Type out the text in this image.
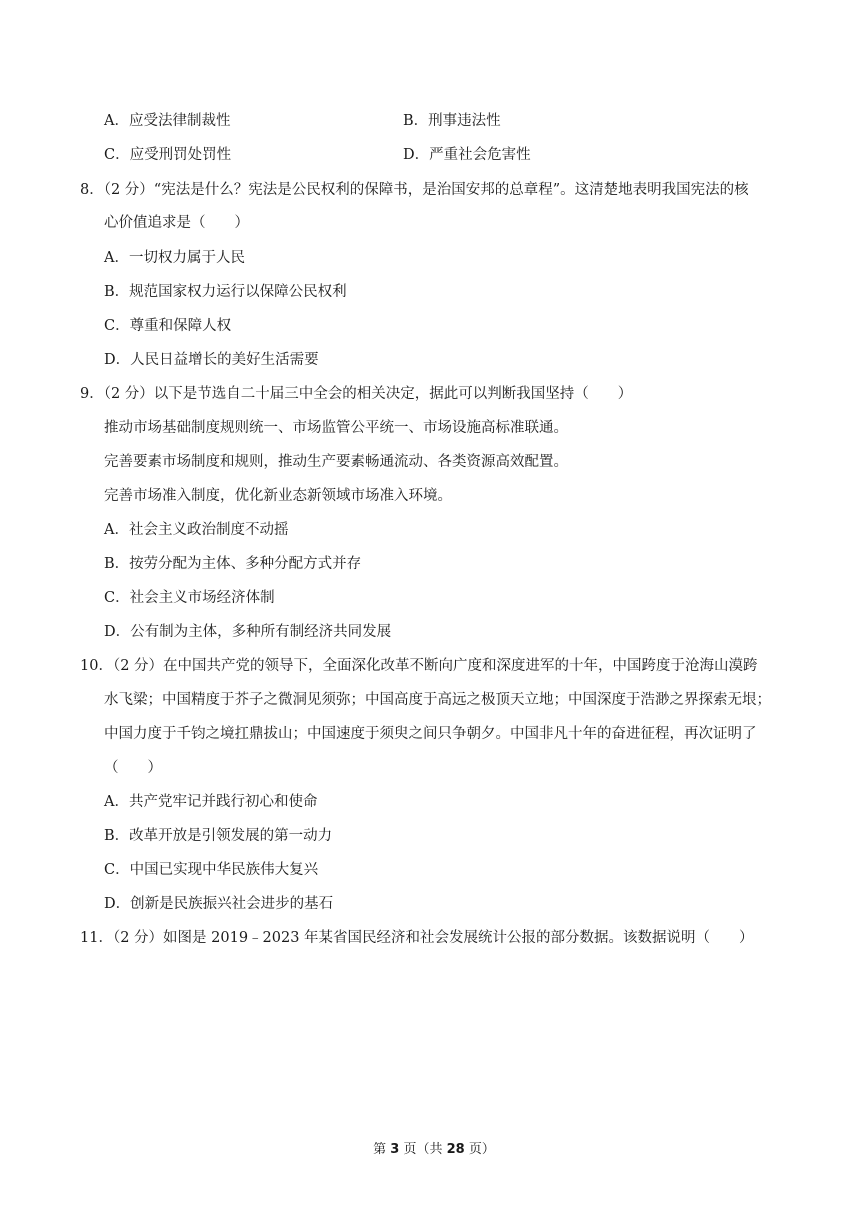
A．应受法律制裁性	B．刑事违法性
C．应受刑罚处罚性	D．严重社会危害性
8．（2 分）“宪法是什么？宪法是公民权利的保障书，是治国安邦的总章程”。这清楚地表明我国宪法的核
心价值追求是（　　）
A．一切权力属于人民
B．规范国家权力运行以保障公民权利
C．尊重和保障人权
D．人民日益增长的美好生活需要
9．（2 分）以下是节选自二十届三中全会的相关决定，据此可以判断我国坚持（　　）
推动市场基础制度规则统一、市场监管公平统一、市场设施高标准联通。
完善要素市场制度和规则，推动生产要素畅通流动、各类资源高效配置。
完善市场准入制度，优化新业态新领域市场准入环境。
A．社会主义政治制度不动摇
B．按劳分配为主体、多种分配方式并存
C．社会主义市场经济体制
D．公有制为主体，多种所有制经济共同发展
10．（2 分）在中国共产党的领导下，全面深化改革不断向广度和深度进军的十年，中国跨度于沧海山漠跨
水飞梁；中国精度于芥子之微洞见须弥；中国高度于高远之极顶天立地；中国深度于浩渺之界探索无垠；
中国力度于千钧之境扛鼎拔山；中国速度于须臾之间只争朝夕。中国非凡十年的奋进征程，再次证明了
（　　）
A．共产党牢记并践行初心和使命
B．改革开放是引领发展的第一动力
C．中国已实现中华民族伟大复兴
D．创新是民族振兴社会进步的基石
11．（2 分）如图是 2019﹣2023 年某省国民经济和社会发展统计公报的部分数据。该数据说明（　　）
第 3 页（共 28 页）
